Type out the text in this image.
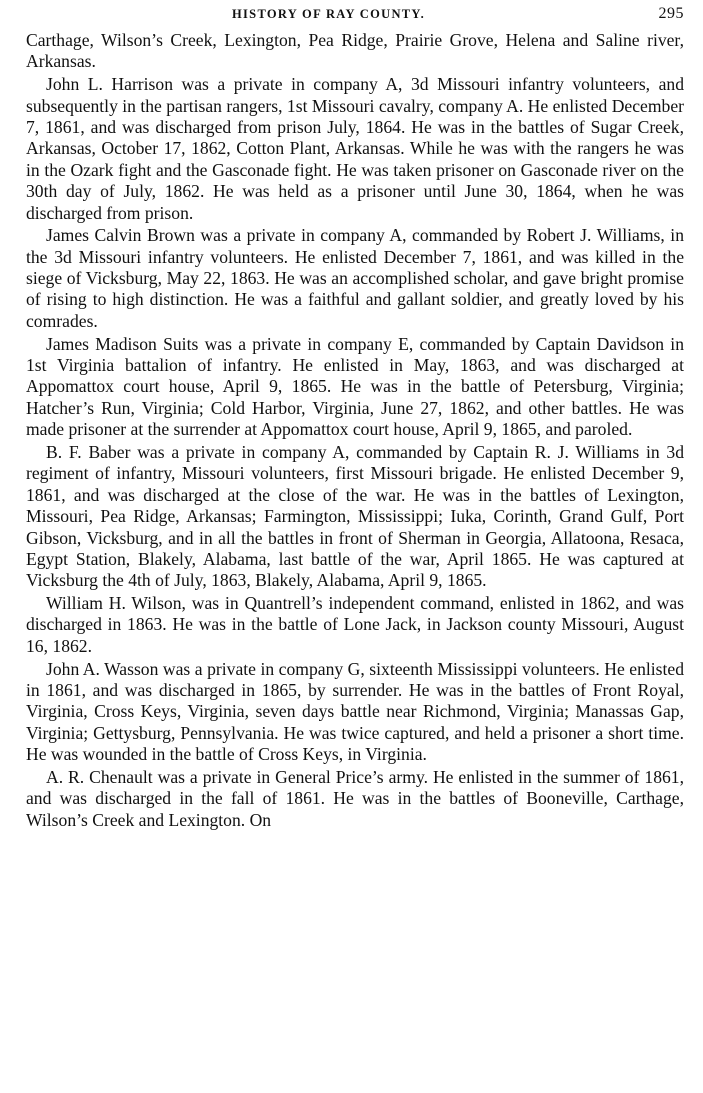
HISTORY OF RAY COUNTY.	295

Carthage, Wilson’s Creek, Lexington, Pea Ridge, Prairie Grove, Helena and Saline river, Arkansas.

John L. Harrison was a private in company A, 3d Missouri infantry volunteers, and subsequently in the partisan rangers, 1st Missouri cavalry, company A. He enlisted December 7, 1861, and was discharged from prison July, 1864. He was in the battles of Sugar Creek, Arkansas, October 17, 1862, Cotton Plant, Arkansas. While he was with the rangers he was in the Ozark fight and the Gasconade fight. He was taken prisoner on Gasconade river on the 30th day of July, 1862. He was held as a prisoner until June 30, 1864, when he was discharged from prison.

James Calvin Brown was a private in company A, commanded by Robert J. Williams, in the 3d Missouri infantry volunteers. He enlisted December 7, 1861, and was killed in the siege of Vicksburg, May 22, 1863. He was an accomplished scholar, and gave bright promise of rising to high distinction. He was a faithful and gallant soldier, and greatly loved by his comrades.

James Madison Suits was a private in company E, commanded by Captain Davidson in 1st Virginia battalion of infantry. He enlisted in May, 1863, and was discharged at Appomattox court house, April 9, 1865. He was in the battle of Petersburg, Virginia; Hatcher’s Run, Virginia; Cold Harbor, Virginia, June 27, 1862, and other battles. He was made prisoner at the surrender at Appomattox court house, April 9, 1865, and paroled.

B. F. Baber was a private in company A, commanded by Captain R. J. Williams in 3d regiment of infantry, Missouri volunteers, first Missouri brigade. He enlisted December 9, 1861, and was discharged at the close of the war. He was in the battles of Lexington, Missouri, Pea Ridge, Arkansas; Farmington, Mississippi; Iuka, Corinth, Grand Gulf, Port Gibson, Vicksburg, and in all the battles in front of Sherman in Georgia, Allatoona, Resaca, Egypt Station, Blakely, Alabama, last battle of the war, April 1865. He was captured at Vicksburg the 4th of July, 1863, Blakely, Alabama, April 9, 1865.

William H. Wilson, was in Quantrell’s independent command, enlisted in 1862, and was discharged in 1863. He was in the battle of Lone Jack, in Jackson county Missouri, August 16, 1862.

John A. Wasson was a private in company G, sixteenth Mississippi volunteers. He enlisted in 1861, and was discharged in 1865, by surrender. He was in the battles of Front Royal, Virginia, Cross Keys, Virginia, seven days battle near Richmond, Virginia; Manassas Gap, Virginia; Gettysburg, Pennsylvania. He was twice captured, and held a prisoner a short time. He was wounded in the battle of Cross Keys, in Virginia.

A. R. Chenault was a private in General Price’s army. He enlisted in the summer of 1861, and was discharged in the fall of 1861. He was in the battles of Booneville, Carthage, Wilson’s Creek and Lexington. On
